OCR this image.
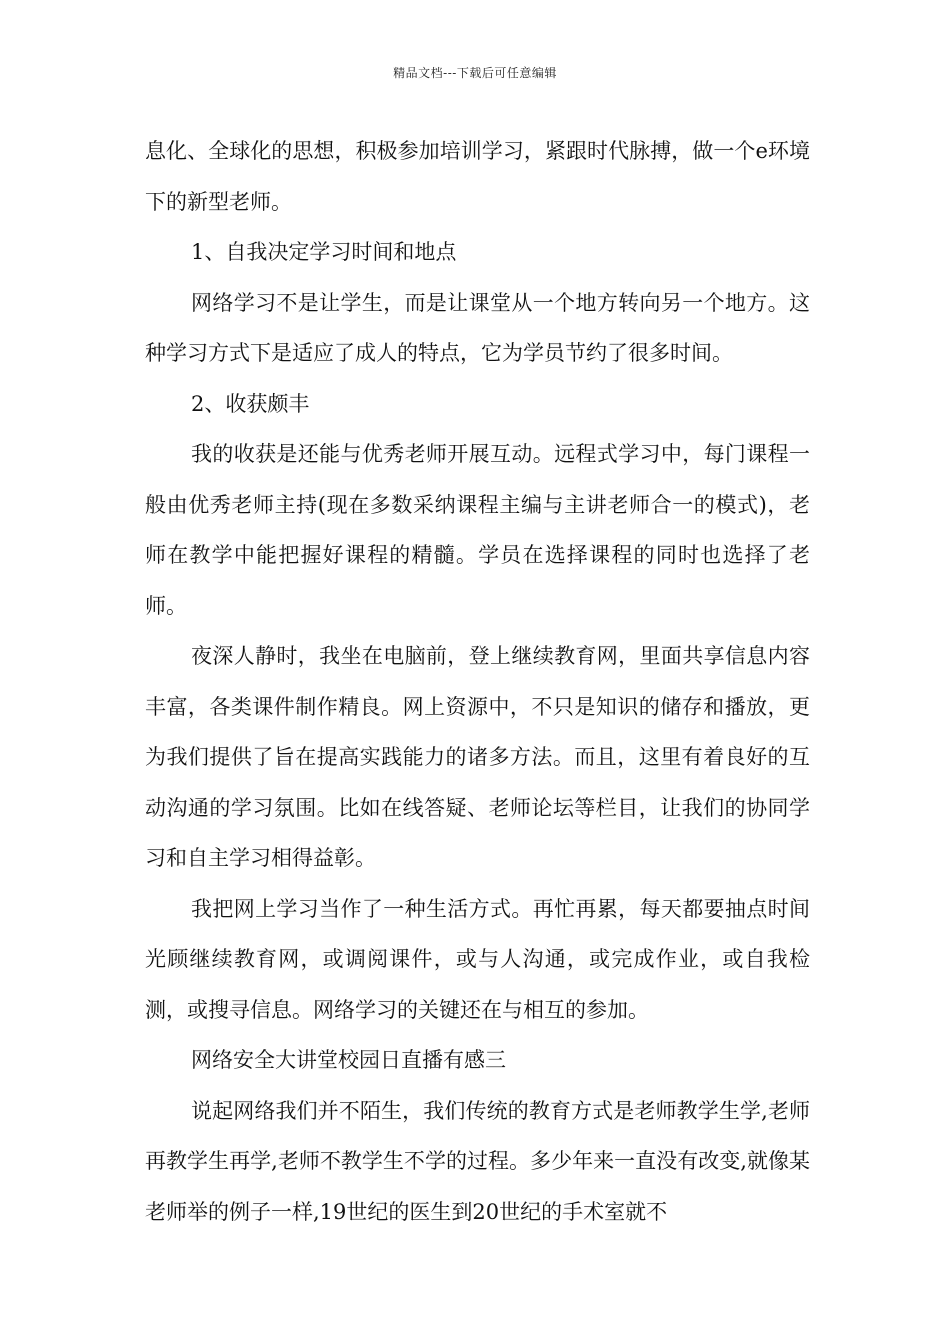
精品文档---下载后可任意编辑

息化、全球化的思想，积极参加培训学习，紧跟时代脉搏，做一个e环境下的新型老师。

1、自我决定学习时间和地点

网络学习不是让学生，而是让课堂从一个地方转向另一个地方。这种学习方式下是适应了成人的特点，它为学员节约了很多时间。

2、收获颇丰

我的收获是还能与优秀老师开展互动。远程式学习中，每门课程一般由优秀老师主持(现在多数采纳课程主编与主讲老师合一的模式)，老师在教学中能把握好课程的精髓。学员在选择课程的同时也选择了老师。

夜深人静时，我坐在电脑前，登上继续教育网，里面共享信息内容丰富，各类课件制作精良。网上资源中，不只是知识的储存和播放，更为我们提供了旨在提高实践能力的诸多方法。而且，这里有着良好的互动沟通的学习氛围。比如在线答疑、老师论坛等栏目，让我们的协同学习和自主学习相得益彰。

我把网上学习当作了一种生活方式。再忙再累，每天都要抽点时间光顾继续教育网，或调阅课件，或与人沟通，或完成作业，或自我检测，或搜寻信息。网络学习的关键还在与相互的参加。

网络安全大讲堂校园日直播有感三

说起网络我们并不陌生，我们传统的教育方式是老师教学生学,老师再教学生再学,老师不教学生不学的过程。多少年来一直没有改变,就像某老师举的例子一样,19世纪的医生到20世纪的手术室就不
